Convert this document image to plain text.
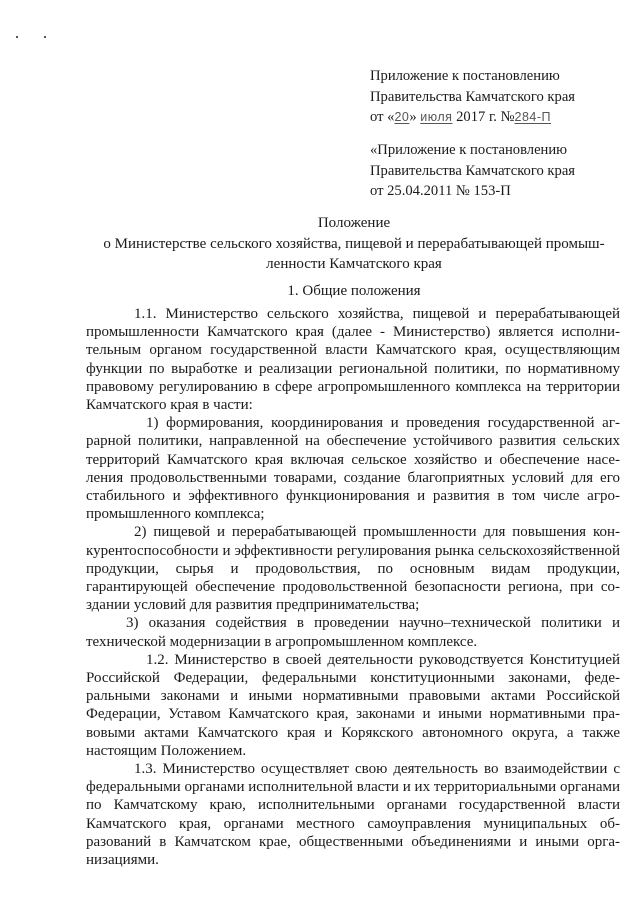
Приложение к постановлению
Правительства Камчатского края
от «20» июля 2017 г. №284-П
«Приложение к постановлению
Правительства Камчатского края
от 25.04.2011 № 153-П
Положение
о Министерстве сельского хозяйства, пищевой и перерабатывающей промыш-
ленности Камчатского края
1. Общие положения

1.1. Министерство сельского хозяйства, пищевой и перерабатывающей промышленности Камчатского края (далее - Министерство) является исполнительным органом государственной власти Камчатского края, осуществляющим функции по выработке и реализации региональной политики, по нормативному правовому регулированию в сфере агропромышленного комплекса на территории Камчатского края в части:

1) формирования, координирования и проведения государственной аграрной политики, направленной на обеспечение устойчивого развития сельских территорий Камчатского края включая сельское хозяйство и обеспечение населения продовольственными товарами, создание благоприятных условий для его стабильного и эффективного функционирования и развития в том числе агропромышленного комплекса;

2) пищевой и перерабатывающей промышленности для повышения конкурентоспособности и эффективности регулирования рынка сельскохозяйственной продукции, сырья и продовольствия, по основным видам продукции, гарантирующей обеспечение продовольственной безопасности региона, при создании условий для развития предпринимательства;

3) оказания содействия в проведении научно–технической политики и технической модернизации в агропромышленном комплексе.

1.2. Министерство в своей деятельности руководствуется Конституцией Российской Федерации, федеральными конституционными законами, федеральными законами и иными нормативными правовыми актами Российской Федерации, Уставом Камчатского края, законами и иными нормативными правовыми актами Камчатского края и Корякского автономного округа, а также настоящим Положением.

1.3. Министерство осуществляет свою деятельность во взаимодействии с федеральными органами исполнительной власти и их территориальными органами по Камчатскому краю, исполнительными органами государственной власти Камчатского края, органами местного самоуправления муниципальных образований в Камчатском крае, общественными объединениями и иными организациями.
